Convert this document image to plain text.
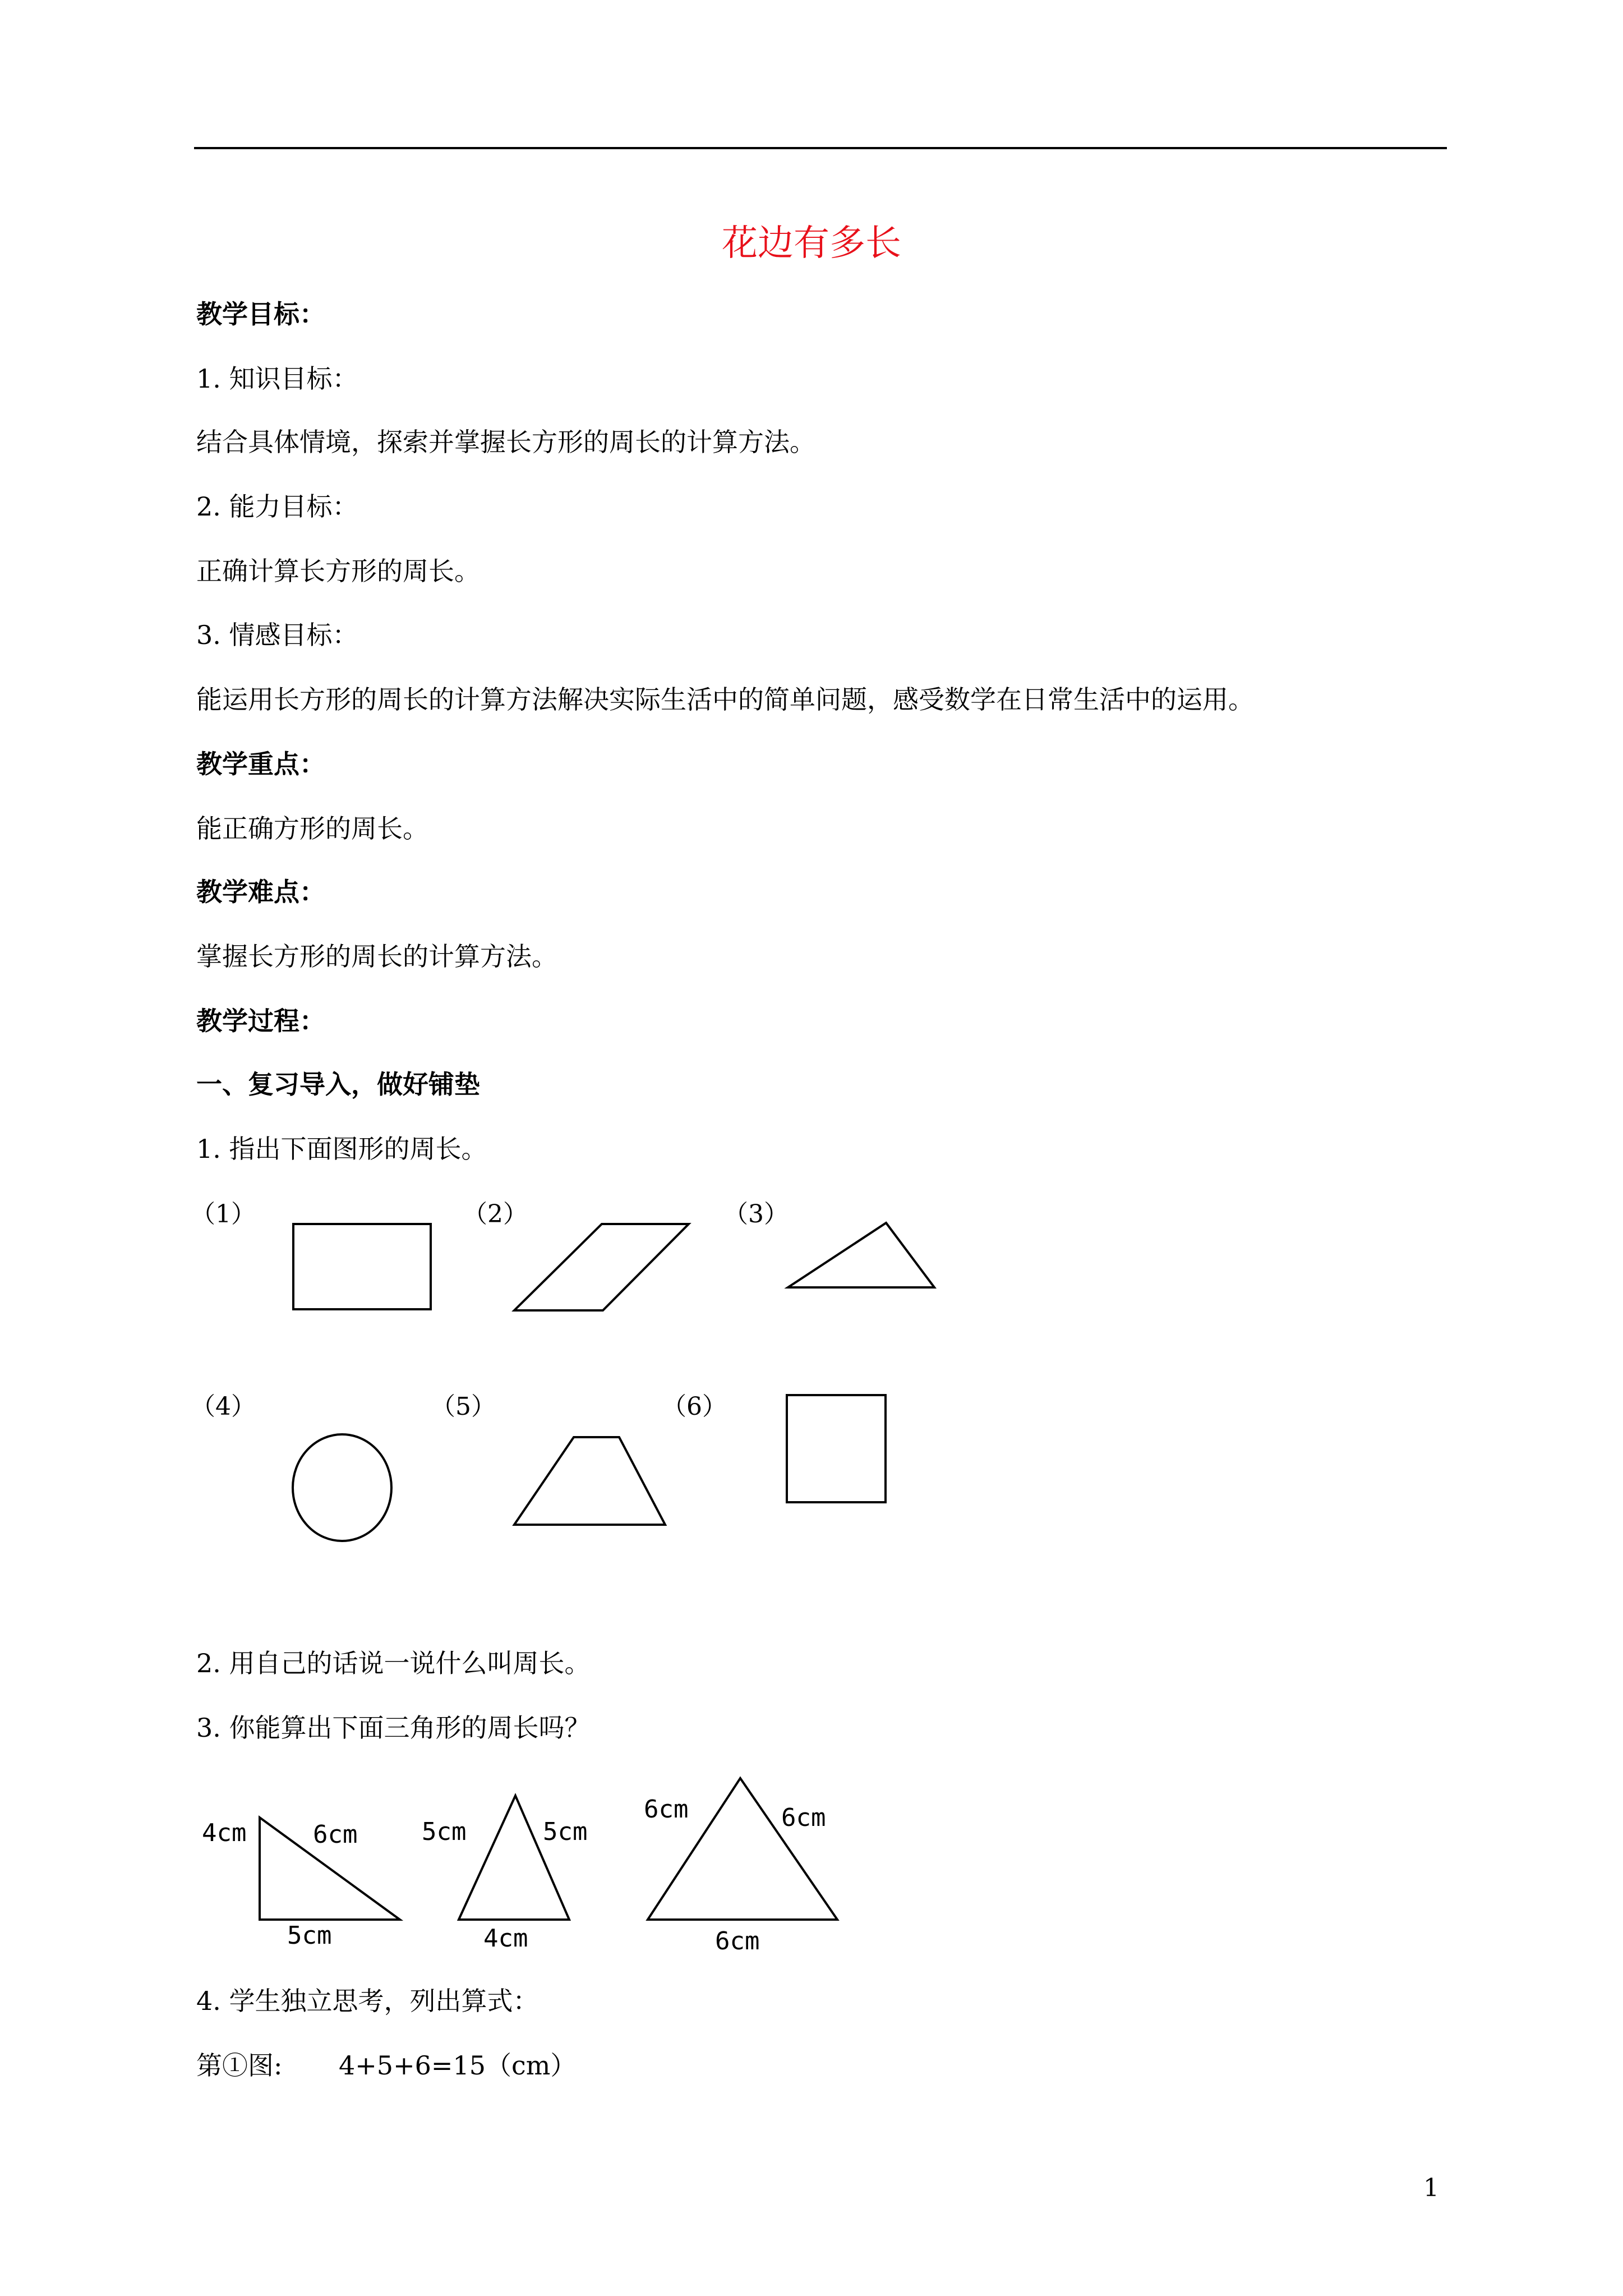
花边有多长
教学目标：
1. 知识目标：
结合具体情境，探索并掌握长方形的周长的计算方法。
2. 能力目标：
正确计算长方形的周长。
3. 情感目标：
能运用长方形的周长的计算方法解决实际生活中的简单问题，感受数学在日常生活中的运用。
教学重点：
能正确方形的周长。
教学难点：
掌握长方形的周长的计算方法。
教学过程：
一、复习导入，做好铺垫
1. 指出下面图形的周长。
（1）	（2）	（3）
（4）	（5）	（6）
2. 用自己的话说一说什么叫周长。
3. 你能算出下面三角形的周长吗？
4cm	6cm
5cm
5cm	5cm
4cm
6cm	6cm
6cm
4. 学生独立思考，列出算式：
第①图: 4+5+6=15（cm）
1
